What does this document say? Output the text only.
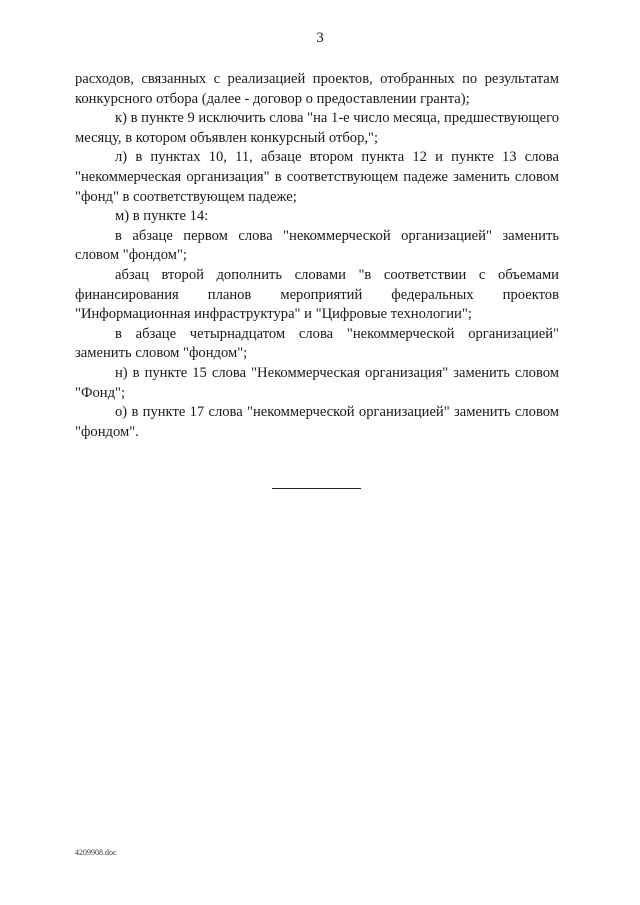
3

расходов, связанных с реализацией проектов, отобранных по результатам конкурсного отбора (далее - договор о предоставлении гранта);

к) в пункте 9 исключить слова "на 1-е число месяца, предшествующего месяцу, в котором объявлен конкурсный отбор,";

л) в пунктах 10, 11, абзаце втором пункта 12 и пункте 13 слова "некоммерческая организация" в соответствующем падеже заменить словом "фонд" в соответствующем падеже;

м) в пункте 14:

в абзаце первом слова "некоммерческой организацией" заменить словом "фондом";

абзац второй дополнить словами "в соответствии с объемами финансирования планов мероприятий федеральных проектов "Информационная инфраструктура" и "Цифровые технологии";

в абзаце четырнадцатом слова "некоммерческой организацией" заменить словом "фондом";

н) в пункте 15 слова "Некоммерческая организация" заменить словом "Фонд";

о) в пункте 17 слова "некоммерческой организацией" заменить словом "фондом".

4209908.doc
